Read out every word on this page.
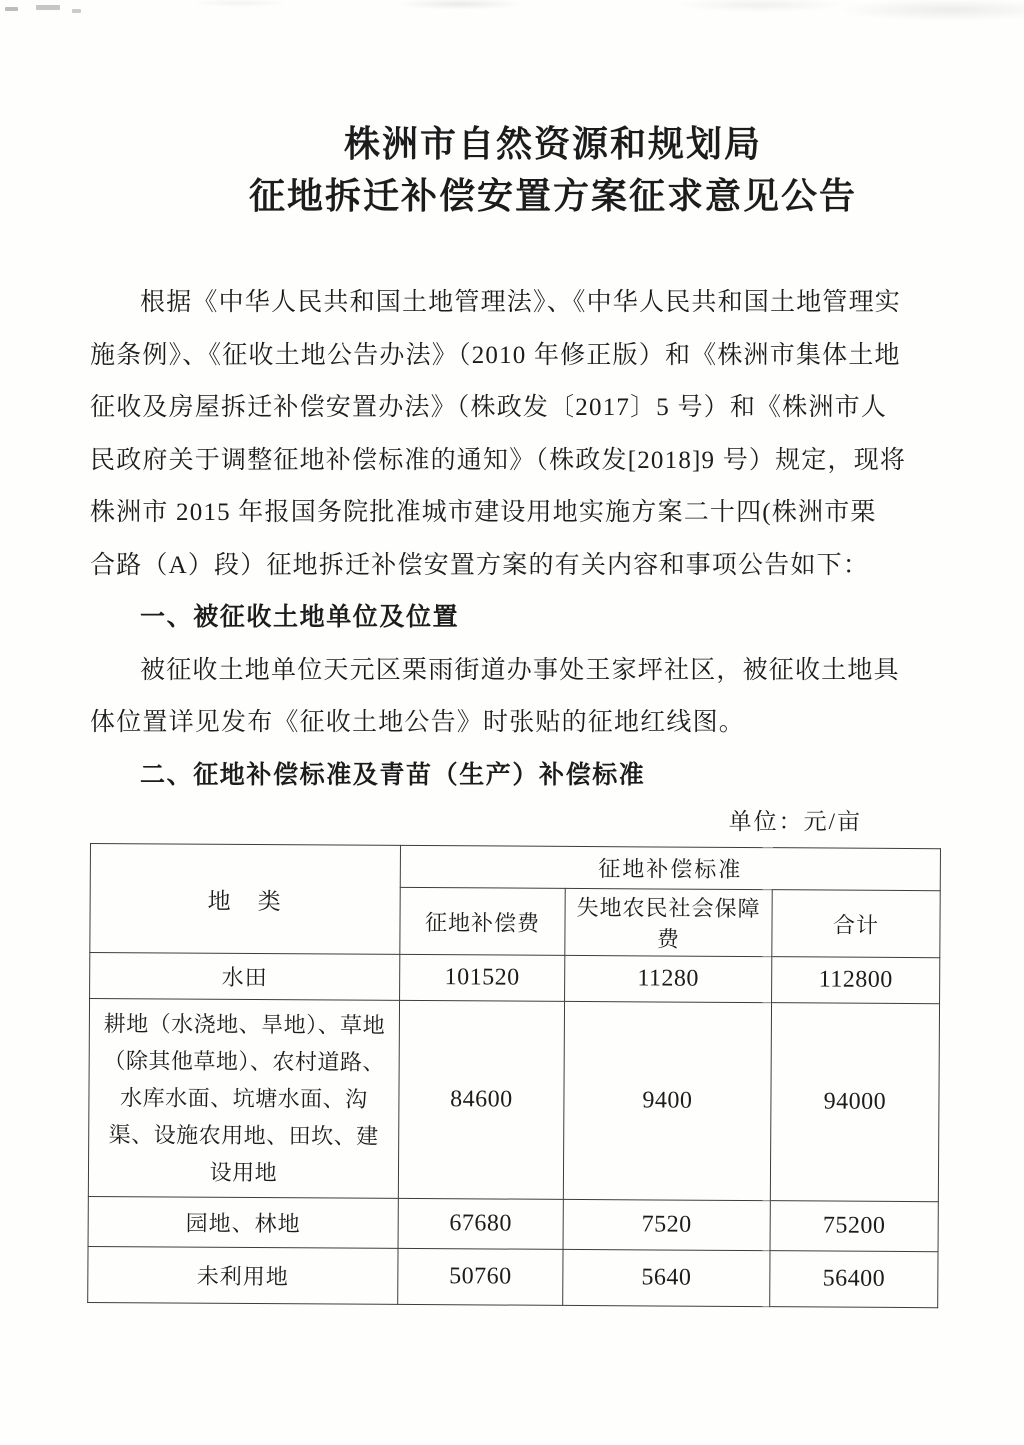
株洲市自然资源和规划局
征地拆迁补偿安置方案征求意见公告

根据《中华人民共和国土地管理法》、《中华人民共和国土地管理实

施条例》、《征收土地公告办法》（2010 年修正版）和《株洲市集体土地

征收及房屋拆迁补偿安置办法》（株政发〔2017〕5 号）和《株洲市人

民政府关于调整征地补偿标准的通知》（株政发[2018]9 号）规定，现将

株洲市 2015 年报国务院批准城市建设用地实施方案二十四(株洲市栗

合路（A）段）征地拆迁补偿安置方案的有关内容和事项公告如下：

一、被征收土地单位及位置

被征收土地单位天元区栗雨街道办事处王家坪社区，被征收土地具

体位置详见发布《征收土地公告》时张贴的征地红线图。

二、征地补偿标准及青苗（生产）补偿标准

单位：元/亩
地　类	征地补偿标准		
	征地补偿费	失地农民社会保障费	合计
水田	101520	11280	112800
耕地（水浇地、旱地）、草地（除其他草地）、农村道路、水库水面、坑塘水面、沟渠、设施农用地、田坎、建设用地	84600	9400	94000
园地、林地	67680	7520	75200
未利用地	50760	5640	56400
